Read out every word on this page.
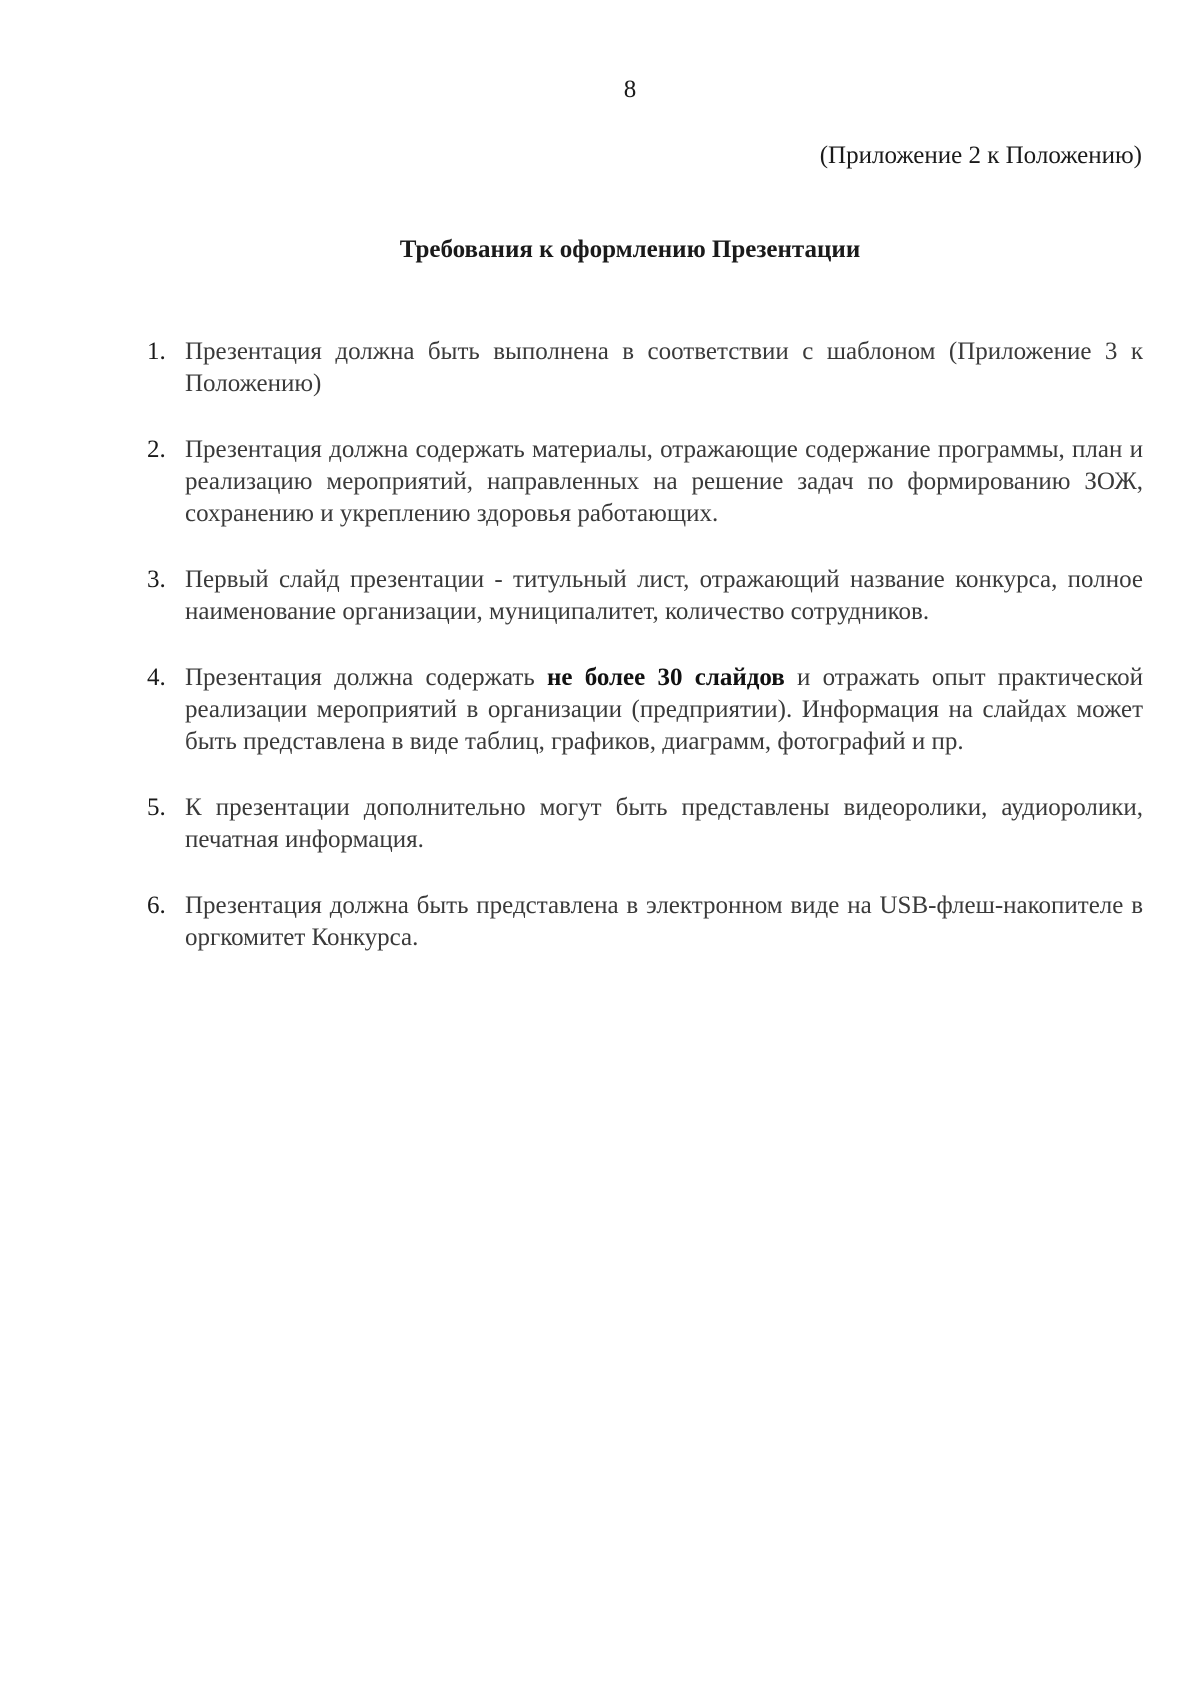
8
(Приложение 2 к Положению)
Требования к оформлению Презентации
1. Презентация должна быть выполнена в соответствии с шаблоном (Приложение 3 к Положению)
2. Презентация должна содержать материалы, отражающие содержание программы, план и реализацию мероприятий, направленных на решение задач по формированию ЗОЖ, сохранению и укреплению здоровья работающих.
3. Первый слайд презентации - титульный лист, отражающий название конкурса, полное наименование организации, муниципалитет, количество сотрудников.
4. Презентация должна содержать не более 30 слайдов и отражать опыт практической реализации мероприятий в организации (предприятии). Информация на слайдах может быть представлена в виде таблиц, графиков, диаграмм, фотографий и пр.
5. К презентации дополнительно могут быть представлены видеоролики, аудиоролики, печатная информация.
6. Презентация должна быть представлена в электронном виде на USB-флеш-накопителе в оргкомитет Конкурса.
